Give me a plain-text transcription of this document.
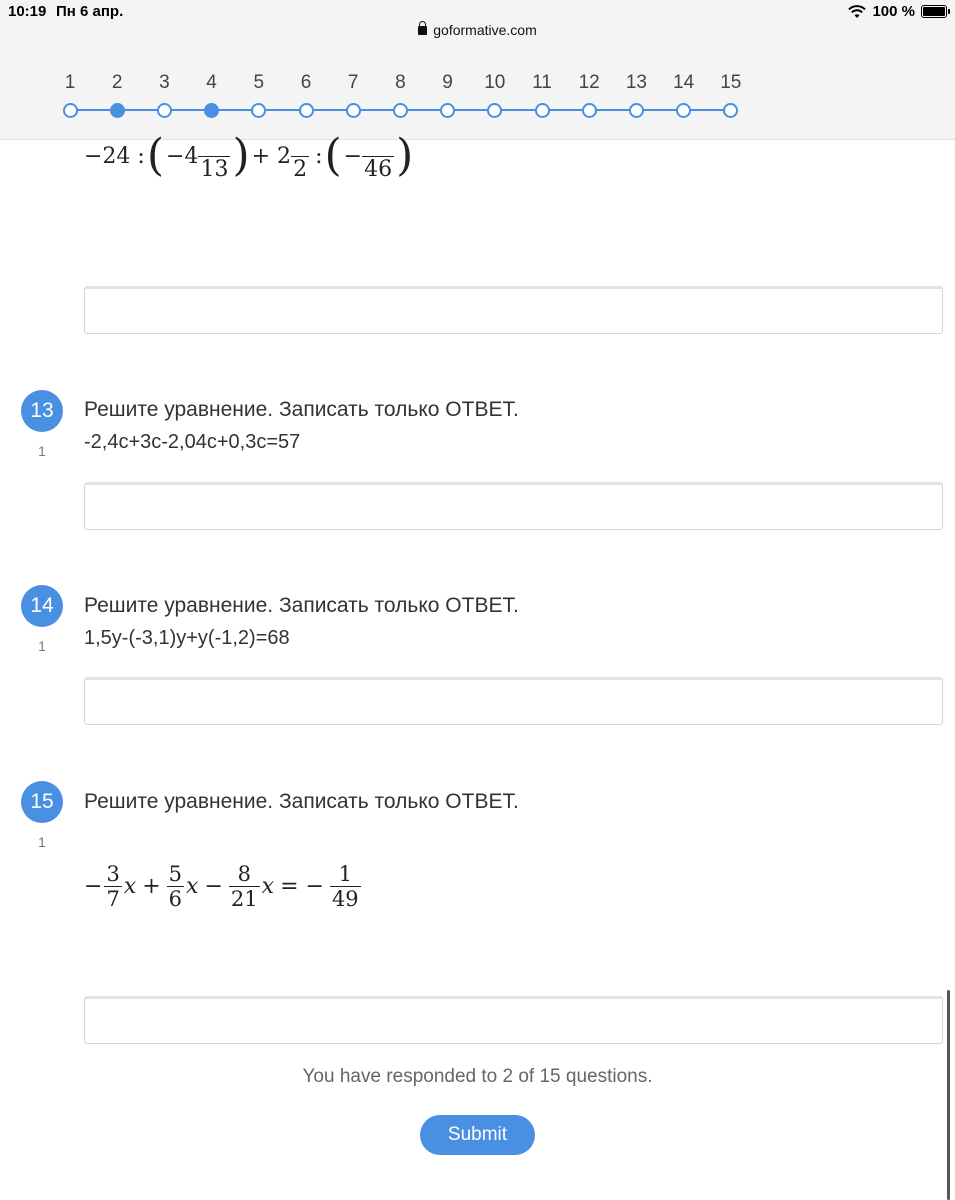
10:19 Пн 6 апр.
goformative.com
100 %
1	2	3	4	5	6	7	8	9	10	11	12	13	14	15
−24 : ( −4

13 ) + 2

2
: ( −

46 )
13
1
Решите уравнение. Записать только ОТВЕТ.
-2,4c+3c-2,04c+0,3c=57
14
1
Решите уравнение. Записать только ОТВЕТ.
1,5y-(-3,1)y+y(-1,2)=68
15
1
Решите уравнение. Записать только ОТВЕТ.
− $\frac{3}{7}$ $x + \frac{5}{6}$ $x - \frac{8}{21}$ x = − $\frac{1}{49}$
You have responded to 2 of 15 questions.
Submit
